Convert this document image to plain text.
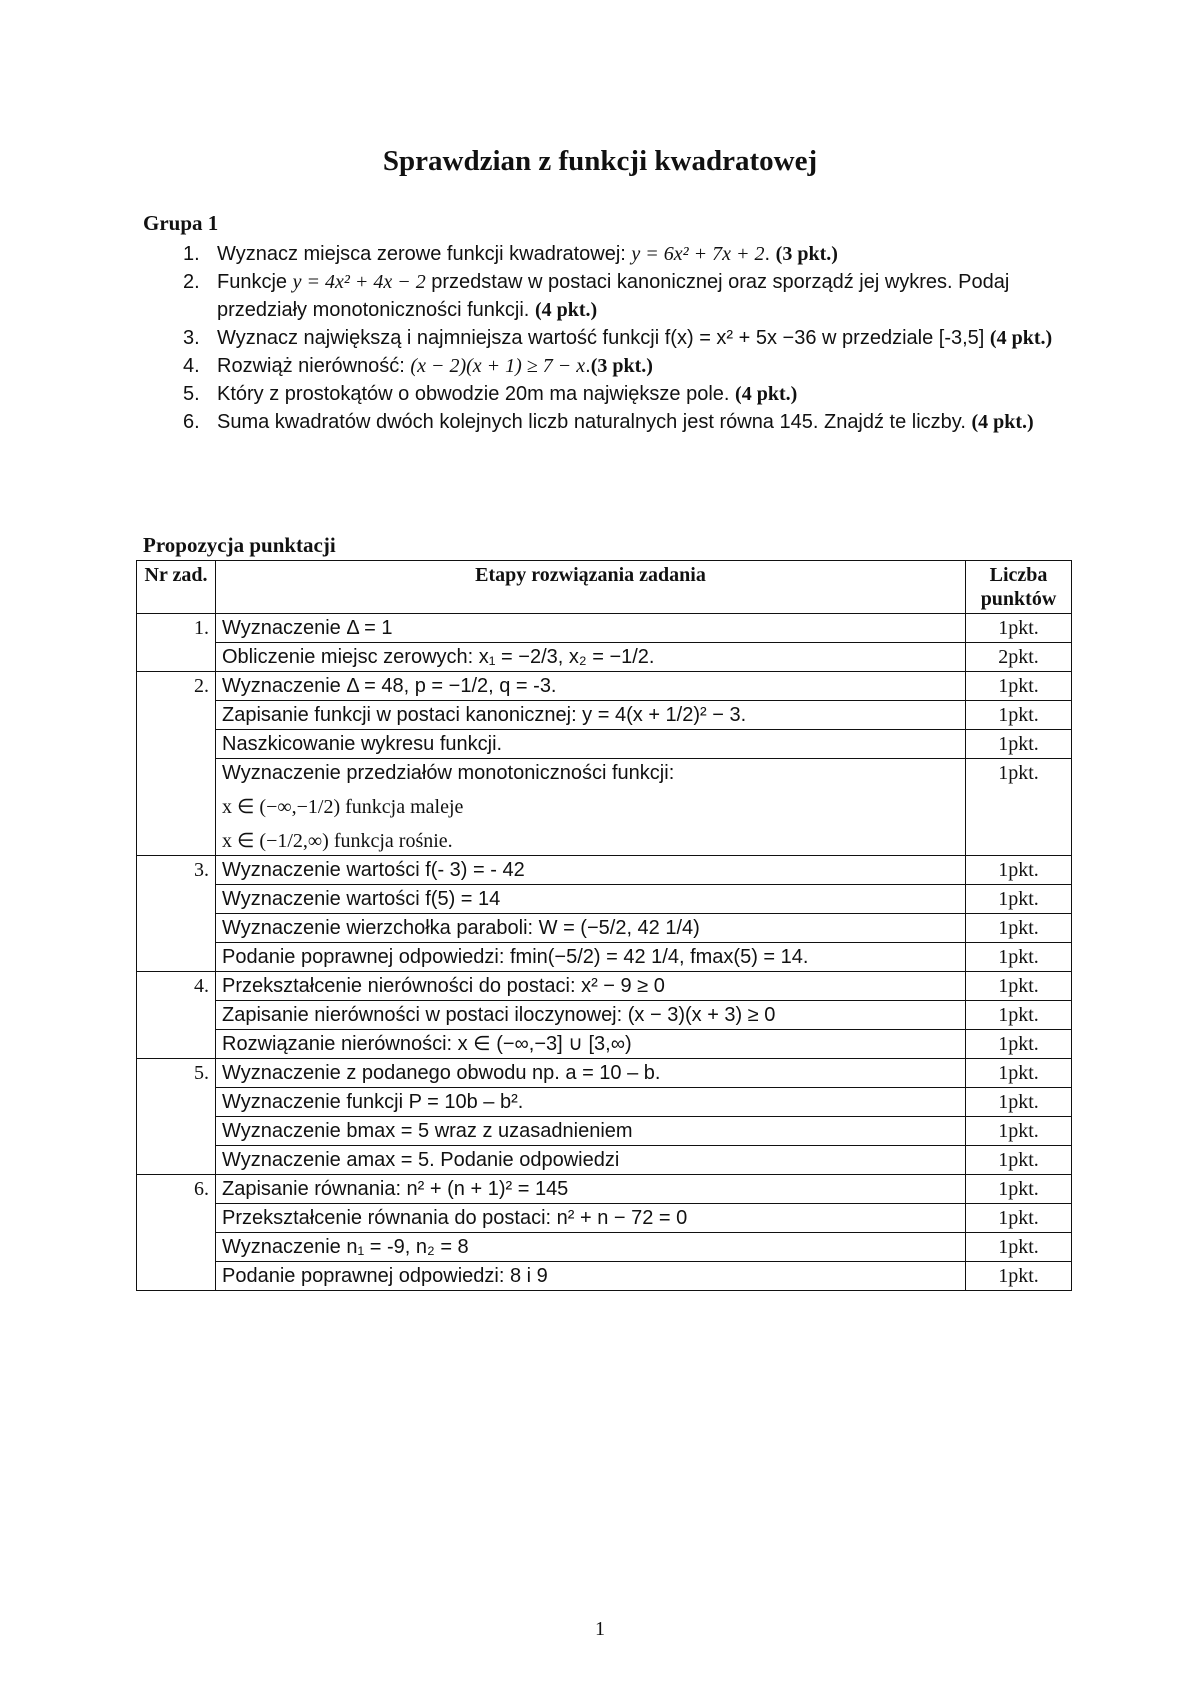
Sprawdzian z funkcji kwadratowej
Grupa 1
1. Wyznacz miejsca zerowe funkcji kwadratowej: y = 6x² + 7x + 2. (3 pkt.)
2. Funkcje y = 4x² + 4x − 2 przedstaw w postaci kanonicznej oraz sporządź jej wykres. Podaj przedziały monotoniczności funkcji. (4 pkt.)
3. Wyznacz największą i najmniejsza wartość funkcji f(x) = x² + 5x −36 w przedziale [-3,5] (4 pkt.)
4. Rozwiąż nierówność: (x − 2)(x + 1) ≥ 7 − x.(3 pkt.)
5. Który z prostokątów o obwodzie 20m ma największe pole. (4 pkt.)
6. Suma kwadratów dwóch kolejnych liczb naturalnych jest równa 145. Znajdź te liczby. (4 pkt.)
Propozycja punktacji
Nr zad.	Etapy rozwiązania zadania	Liczba punktów
1.	Wyznaczenie Δ = 1	1pkt.

	Obliczenie miejsc zerowych: x₁ = −2/3, x₂ = −1/2.	2pkt.
2.	Wyznaczenie Δ = 48, p = −1/2, q = -3.	1pkt.

	Zapisanie funkcji w postaci kanonicznej: y = 4(x + 1/2)² − 3.	1pkt.

	Naszkicowanie wykresu funkcji.	1pkt.

	Wyznaczenie przedziałów monotoniczności funkcji:
x ∈ (−∞,−1/2) funkcja maleje
x ∈ (−1/2,∞) funkcja rośnie.	1pkt.
3.	Wyznaczenie wartości f(- 3) = - 42	1pkt.

	Wyznaczenie wartości f(5) = 14	1pkt.

	Wyznaczenie wierzchołka paraboli: W = (−5/2, 42 1/4)	1pkt.

	Podanie poprawnej odpowiedzi: fmin(−5/2) = 42 1/4, fmax(5) = 14.	1pkt.
4.	Przekształcenie nierówności do postaci: x² − 9 ≥ 0	1pkt.

	Zapisanie nierówności w postaci iloczynowej: (x − 3)(x + 3) ≥ 0	1pkt.

	Rozwiązanie nierówności: x ∈ (−∞,−3] ∪ [3,∞)	1pkt.
5.	Wyznaczenie z podanego obwodu np. a = 10 – b.	1pkt.

	Wyznaczenie funkcji P = 10b – b².	1pkt.

	Wyznaczenie bmax = 5 wraz z uzasadnieniem	1pkt.

	Wyznaczenie amax = 5. Podanie odpowiedzi	1pkt.
6.	Zapisanie równania: n² + (n + 1)² = 145	1pkt.

	Przekształcenie równania do postaci: n² + n − 72 = 0	1pkt.

	Wyznaczenie n₁ = -9, n₂ = 8	1pkt.

	Podanie poprawnej odpowiedzi: 8 i 9	1pkt.
1
